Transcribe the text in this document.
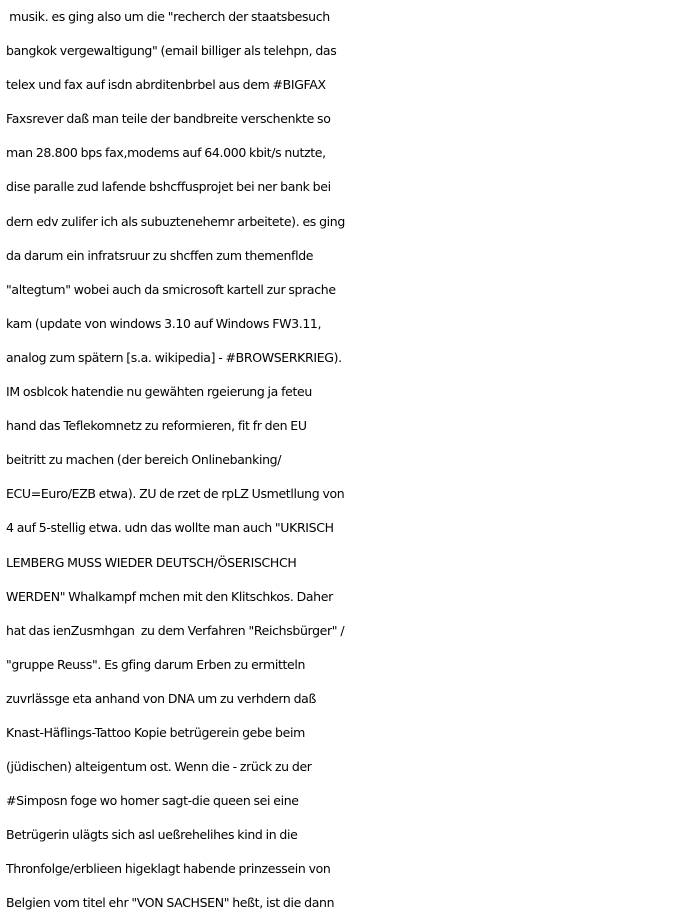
musik. es ging also um die "recherch der staatsbesuch
bangkok vergewaltigung" (email billiger als telehpn, das
telex und fax auf isdn abrditenbrbel aus dem #BIGFAX
Faxsrever daß man teile der bandbreite verschenkte so
man 28.800 bps fax,modems auf 64.000 kbit/s nutzte,
dise paralle zud lafende bshcffusprojet bei ner bank bei
dern edv zulifer ich als subuztenehemr arbeitete). es ging
da darum ein infratsruur zu shcffen zum themenflde
"altegtum" wobei auch da smicrosoft kartell zur sprache
kam (update von windows 3.10 auf Windows FW3.11,
analog zum spätern [s.a. wikipedia] - #BROWSERKRIEG).
IM osblcok hatendie nu gewähten rgeierung ja feteu
hand das Teflekomnetz zu reformieren, fit fr den EU
beitritt zu machen (der bereich Onlinebanking/
ECU=Euro/EZB etwa). ZU de rzet de rpLZ Usmetllung von
4 auf 5-stellig etwa. udn das wollte man auch "UKRISCH
LEMBERG MUSS WIEDER DEUTSCH/ÖSERISCHCH
WERDEN" Whalkampf mchen mit den Klitschkos. Daher
hat das ienZusmhgan  zu dem Verfahren "Reichsbürger" /
"gruppe Reuss". Es gfing darum Erben zu ermitteln
zuvrlässge eta anhand von DNA um zu verhdern daß
Knast-Häflings-Tattoo Kopie betrügerein gebe beim
(jüdischen) alteigentum ost. Wenn die - zrück zu der
#Simposn foge wo homer sagt-die queen sei eine
Betrügerin ulägts sich asl ueßrehelihes kind in die
Thronfolge/erblieen higeklagt habende prinzessein von
Belgien vom titel ehr "VON SACHSEN" heßt, ist die dann
